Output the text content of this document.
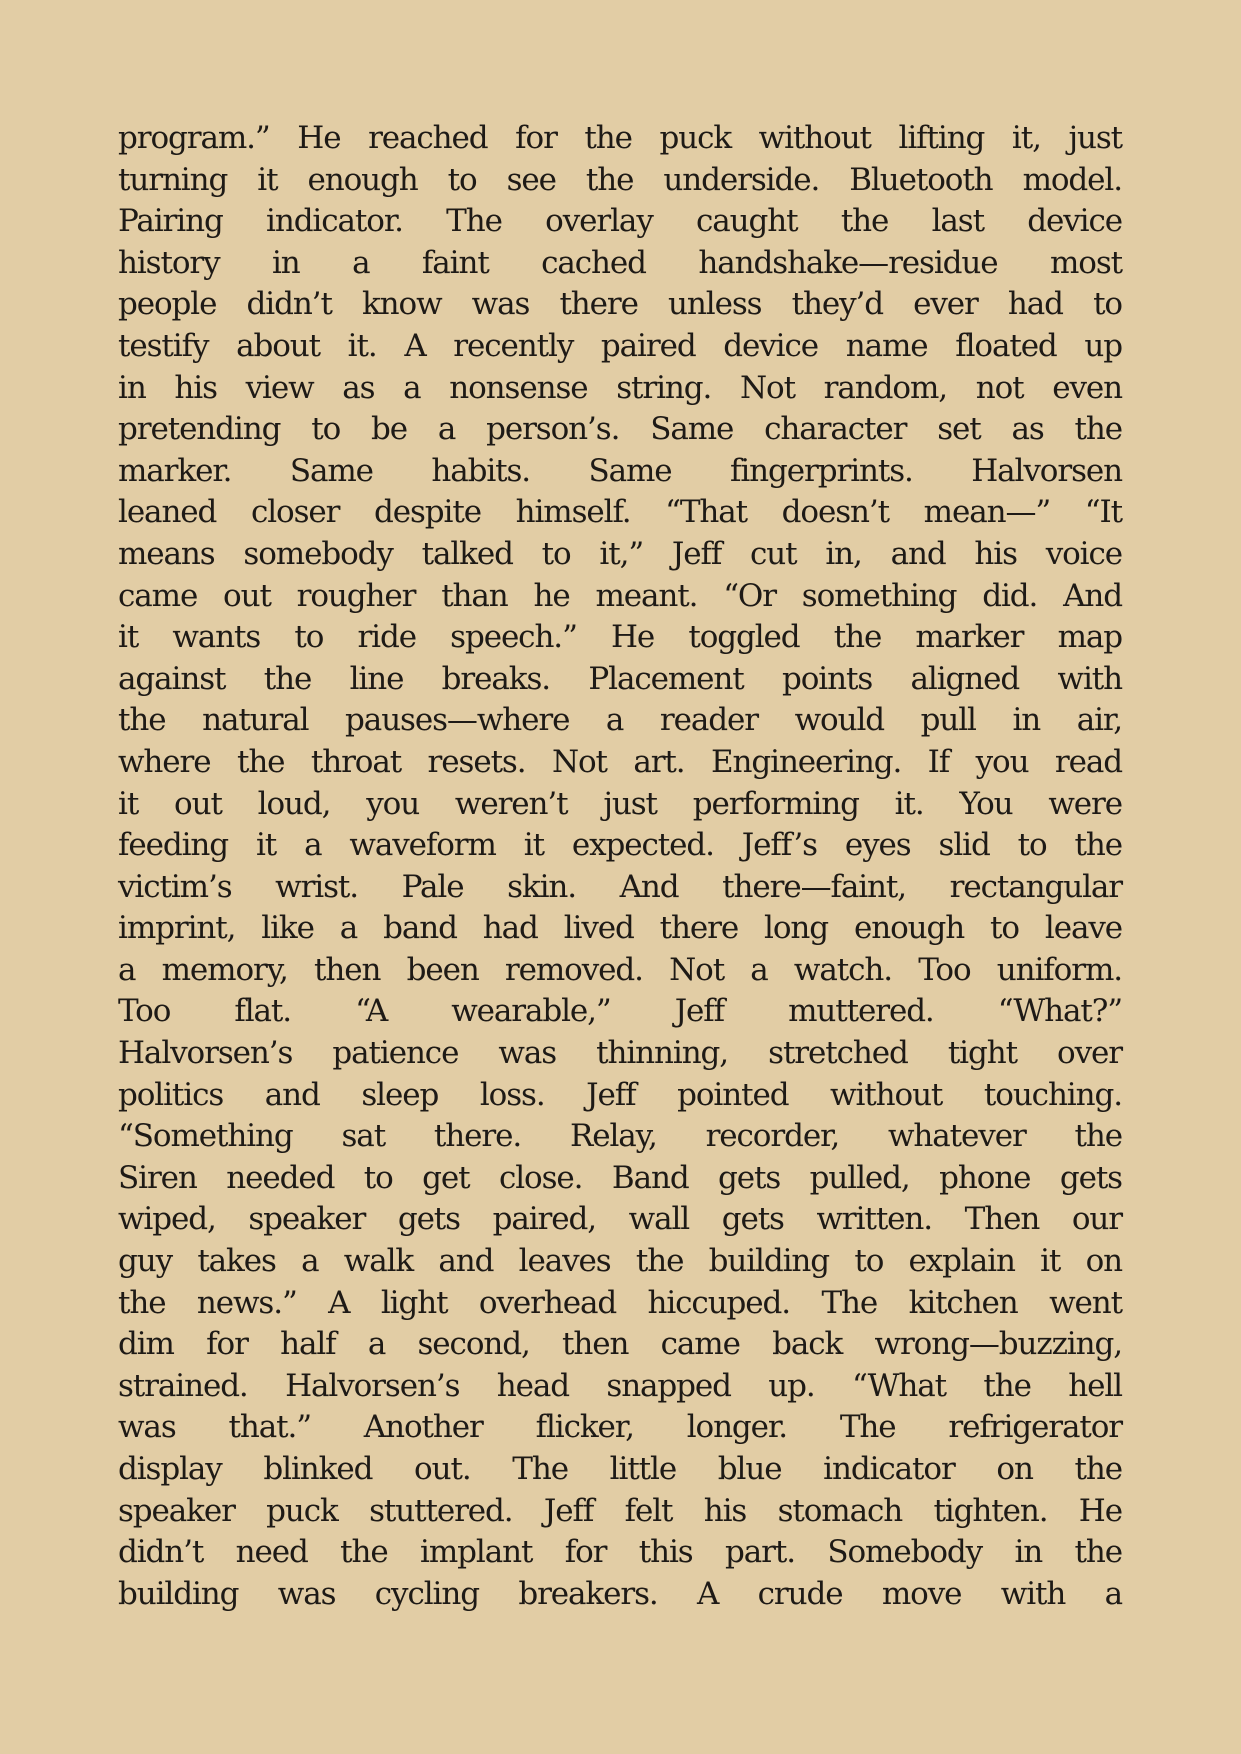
program.” He reached for the puck without lifting it, just
turning it enough to see the underside. Bluetooth model.
Pairing indicator. The overlay caught the last device
history in a faint cached handshake—residue most
people didn’t know was there unless they’d ever had to
testify about it. A recently paired device name floated up
in his view as a nonsense string. Not random, not even
pretending to be a person’s. Same character set as the
marker. Same habits. Same fingerprints. Halvorsen
leaned closer despite himself. “That doesn’t mean—” “It
means somebody talked to it,” Jeff cut in, and his voice
came out rougher than he meant. “Or something did. And
it wants to ride speech.” He toggled the marker map
against the line breaks. Placement points aligned with
the natural pauses—where a reader would pull in air,
where the throat resets. Not art. Engineering. If you read
it out loud, you weren’t just performing it. You were
feeding it a waveform it expected. Jeff’s eyes slid to the
victim’s wrist. Pale skin. And there—faint, rectangular
imprint, like a band had lived there long enough to leave
a memory, then been removed. Not a watch. Too uniform.
Too flat. “A wearable,” Jeff muttered. “What?”
Halvorsen’s patience was thinning, stretched tight over
politics and sleep loss. Jeff pointed without touching.
“Something sat there. Relay, recorder, whatever the
Siren needed to get close. Band gets pulled, phone gets
wiped, speaker gets paired, wall gets written. Then our
guy takes a walk and leaves the building to explain it on
the news.” A light overhead hiccuped. The kitchen went
dim for half a second, then came back wrong—buzzing,
strained. Halvorsen’s head snapped up. “What the hell
was that.” Another flicker, longer. The refrigerator
display blinked out. The little blue indicator on the
speaker puck stuttered. Jeff felt his stomach tighten. He
didn’t need the implant for this part. Somebody in the
building was cycling breakers. A crude move with a
